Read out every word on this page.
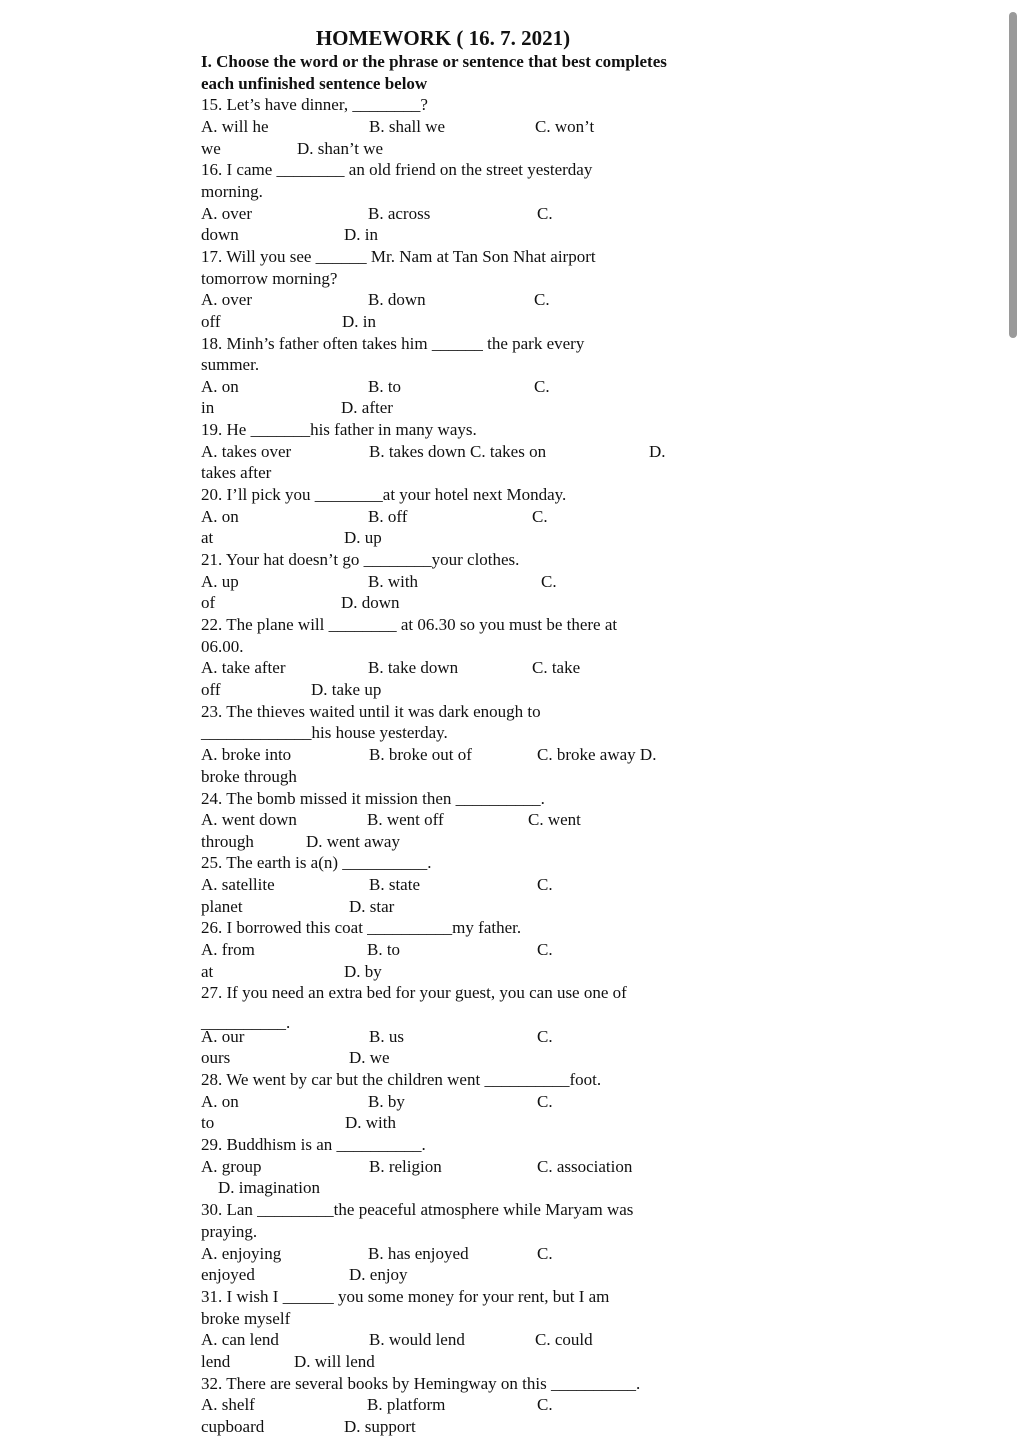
HOMEWORK ( 16. 7. 2021)
I. Choose the word or the phrase or sentence that best completes each unfinished sentence below
15. Let’s have dinner, ________?
A. will he	B. shall we	C. won’t
we	D. shan’t we
16. I came ________ an old friend on the street yesterday
morning.
A. over	B. across	C.
down	D. in
17. Will you see ______ Mr. Nam at Tan Son Nhat airport
tomorrow morning?
A. over	B. down	C.
off	D. in
18. Minh’s father often takes him ______ the park every
summer.
A. on	B. to	C.
in	D. after
19. He _______his father in many ways.
A. takes over	B. takes down C. takes on	D.
takes after
20. I’ll pick you ________at your hotel next Monday.
A. on	B. off	C.
at	D. up
21. Your hat doesn’t go ________your clothes.
A. up	B. with	C.
of	D. down
22. The plane will ________ at 06.30 so you must be there at
06.00.
A. take after	B. take down	C. take
off	D. take up
23. The thieves waited until it was dark enough to
_____________his house yesterday.
A. broke into	B. broke out of	C. broke away D.
broke through
24. The bomb missed it mission then __________.
A. went down	B. went off	C. went
through	D. went away
25. The earth is a(n) __________.
A. satellite	B. state	C.
planet	D. star
26. I borrowed this coat __________my father.
A. from	B. to	C.
at	D. by
27. If you need an extra bed for your guest, you can use one of
__________.
A. our	B. us	C.
ours	D. we
28. We went by car but the children went __________foot.
A. on	B. by	C.
to	D. with
29. Buddhism is an __________.
A. group	B. religion	C. association
D. imagination
30. Lan _________the peaceful atmosphere while Maryam was
praying.
A. enjoying	B. has enjoyed	C.
enjoyed	D. enjoy
31. I wish I ______ you some money for your rent, but I am
broke myself
A. can lend	B. would lend	C. could
lend	D. will lend
32. There are several books by Hemingway on this __________.
A. shelf	B. platform	C.
cupboard	D. support
